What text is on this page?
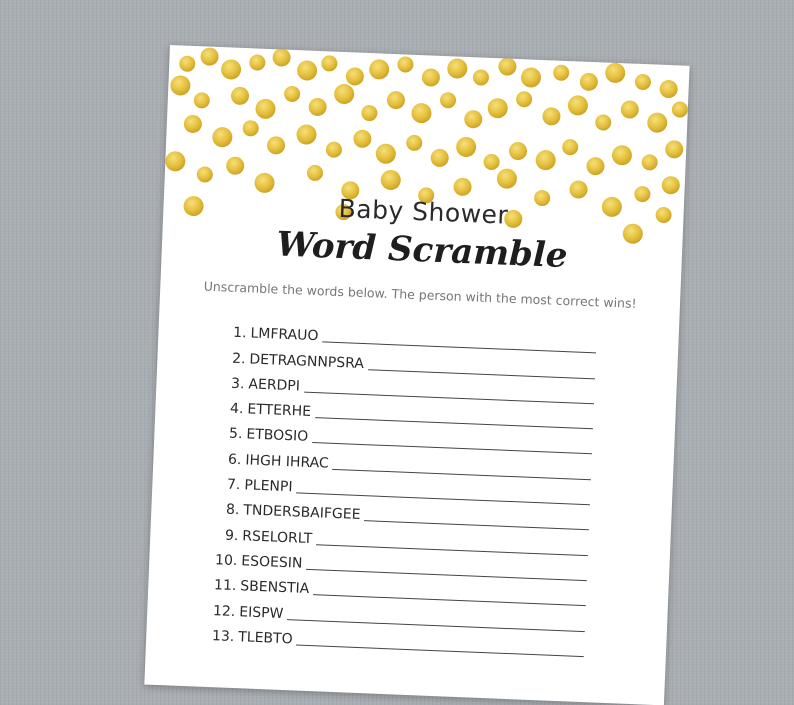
Baby Shower
Word Scramble
Unscramble the words below. The person with the most correct wins!
1. LMFRAUO
2. DETRAGNNPSRA
3. AERDPI
4. ETTERHE
5. ETBOSIO
6. IHGH IHRAC
7. PLENPI
8. TNDERSBAIFGEE
9. RSELORLT
10. ESOESIN
11. SBENSTIA
12. EISPW
13. TLEBTO
